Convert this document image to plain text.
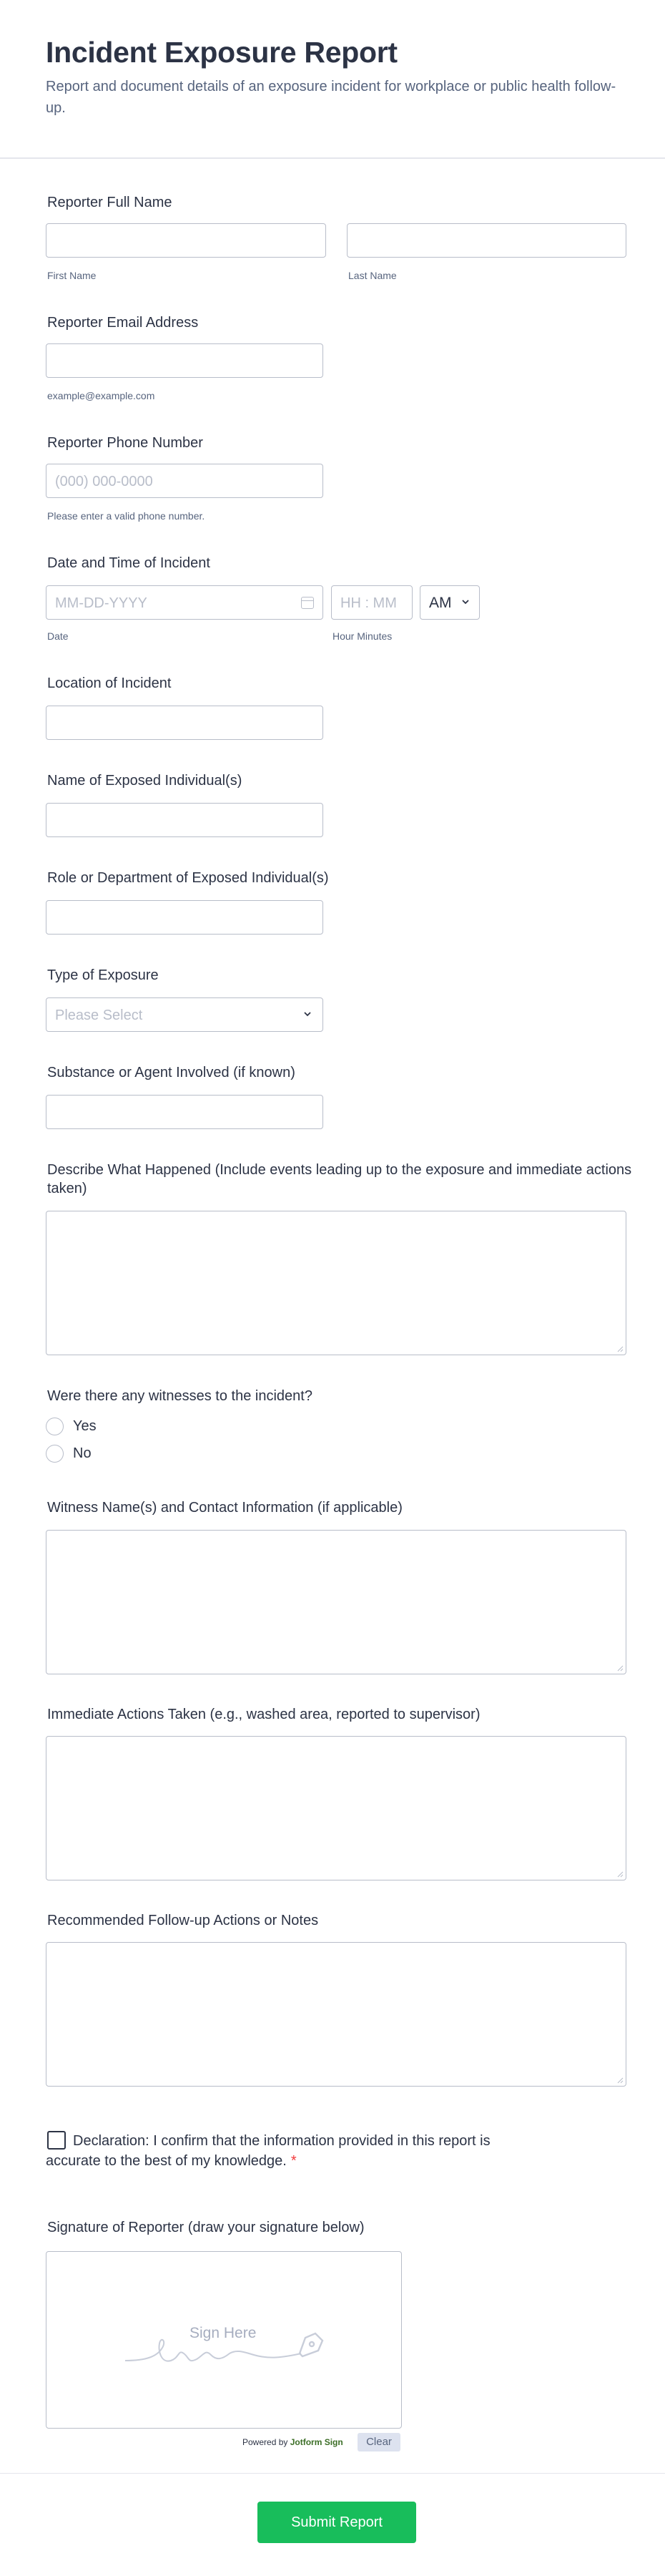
Incident Exposure Report
Report and document details of an exposure incident for workplace or public health follow-up.
Reporter Full Name
First Name	Last Name
Reporter Email Address
example@example.com
Reporter Phone Number
(000) 000-0000
Please enter a valid phone number.
Date and Time of Incident
MM-DD-YYYY	HH : MM AM
Date	Hour Minutes
Location of Incident
Name of Exposed Individual(s)
Role or Department of Exposed Individual(s)
Type of Exposure
Please Select
Substance or Agent Involved (if known)
Describe What Happened (Include events leading up to the exposure and immediate actions taken)
Were there any witnesses to the incident?
Yes
No
Witness Name(s) and Contact Information (if applicable)
Immediate Actions Taken (e.g., washed area, reported to supervisor)
Recommended Follow-up Actions or Notes
Declaration: I confirm that the information provided in this report is accurate to the best of my knowledge. *
Signature of Reporter (draw your signature below)
Sign Here
Powered by Jotform Sign	Clear
Submit Report
